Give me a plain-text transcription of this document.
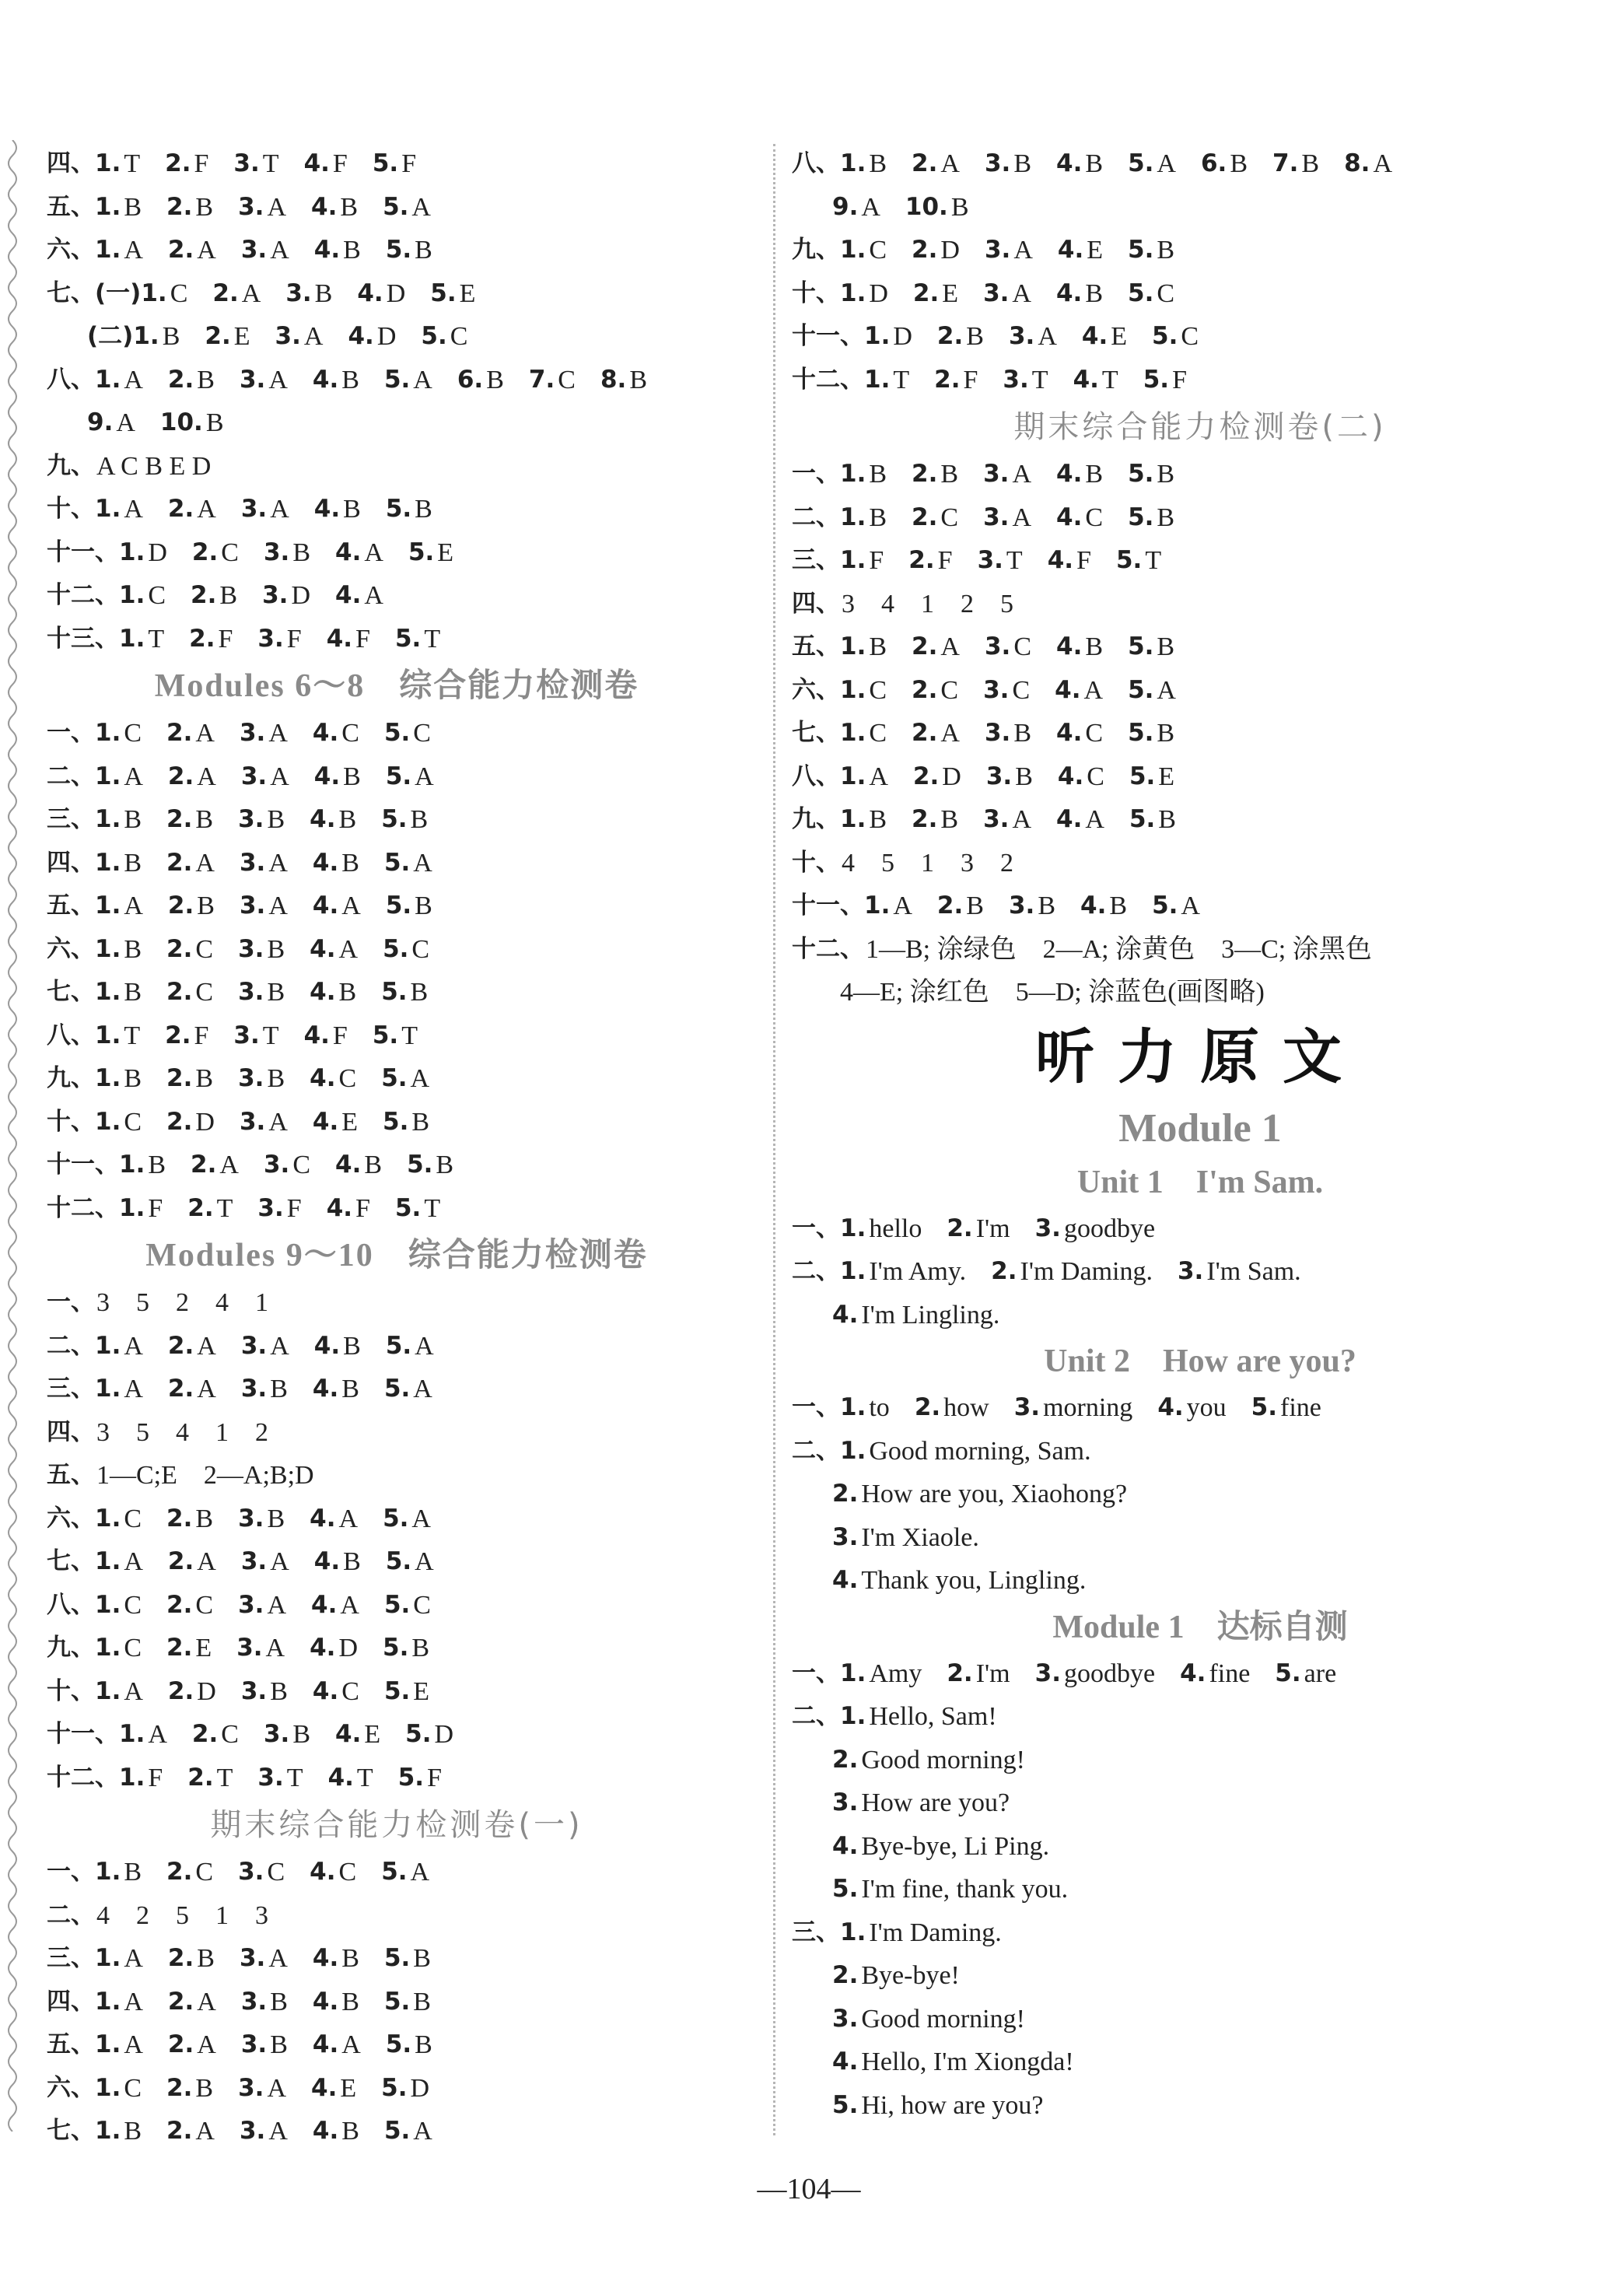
四、 1. T 2. F 3. T 4. F 5. F
五、 1. B 2. B 3. A 4. B 5. A
六、 1. A 2. A 3. A 4. B 5. B
七、(一) 1. C 2. A 3. B 4. D 5. E
(二) 1. B 2. E 3. A 4. D 5. C
八、 1. A 2. B 3. A 4. B 5. A 6. B 7. C 8. B
9. A 10. B
九、 A C B E D
十、 1. A 2. A 3. A 4. B 5. B
十一、 1. D 2. C 3. B 4. A 5. E
十二、 1. C 2. B 3. D 4. A
十三、 1. T 2. F 3. F 4. F 5. T
Modules 6～8　综合能力检测卷
一、 1. C 2. A 3. A 4. C 5. C
二、 1. A 2. A 3. A 4. B 5. A
三、 1. B 2. B 3. B 4. B 5. B
四、 1. B 2. A 3. A 4. B 5. A
五、 1. A 2. B 3. A 4. A 5. B
六、 1. B 2. C 3. B 4. A 5. C
七、 1. B 2. C 3. B 4. B 5. B
八、 1. T 2. F 3. T 4. F 5. T
九、 1. B 2. B 3. B 4. C 5. A
十、 1. C 2. D 3. A 4. E 5. B
十一、 1. B 2. A 3. C 4. B 5. B
十二、 1. F 2. T 3. F 4. F 5. T
Modules 9～10　综合能力检测卷
一、 3　5　2　4　1
二、 1. A 2. A 3. A 4. B 5. A
三、 1. A 2. A 3. B 4. B 5. A
四、 3　5　4　1　2
五、 1—C;E　2—A;B;D
六、 1. C 2. B 3. B 4. A 5. A
七、 1. A 2. A 3. A 4. B 5. A
八、 1. C 2. C 3. A 4. A 5. C
九、 1. C 2. E 3. A 4. D 5. B
十、 1. A 2. D 3. B 4. C 5. E
十一、 1. A 2. C 3. B 4. E 5. D
十二、 1. F 2. T 3. T 4. T 5. F
期末综合能力检测卷(一)
一、 1. B 2. C 3. C 4. C 5. A
二、 4　2　5　1　3
三、 1. A 2. B 3. A 4. B 5. B
四、 1. A 2. A 3. B 4. B 5. B
五、 1. A 2. A 3. B 4. A 5. B
六、 1. C 2. B 3. A 4. E 5. D
七、 1. B 2. A 3. A 4. B 5. A
八、 1. B 2. A 3. B 4. B 5. A 6. B 7. B 8. A
9. A 10. B
九、 1. C 2. D 3. A 4. E 5. B
十、 1. D 2. E 3. A 4. B 5. C
十一、 1. D 2. B 3. A 4. E 5. C
十二、 1. T 2. F 3. T 4. T 5. F
期末综合能力检测卷(二)
一、 1. B 2. B 3. A 4. B 5. B
二、 1. B 2. C 3. A 4. C 5. B
三、 1. F 2. F 3. T 4. F 5. T
四、 3　4　1　2　5
五、 1. B 2. A 3. C 4. B 5. B
六、 1. C 2. C 3. C 4. A 5. A
七、 1. C 2. A 3. B 4. C 5. B
八、 1. A 2. D 3. B 4. C 5. E
九、 1. B 2. B 3. A 4. A 5. B
十、 4　5　1　3　2
十一、 1. A 2. B 3. B 4. B 5. A
十二、 1—B; 涂绿色　2—A; 涂黄色　3—C; 涂黑色
4—E; 涂红色　5—D; 涂蓝色(画图略)
听力原文
Module 1
Unit 1　I'm Sam.
一、 1. hello 2. I'm 3. goodbye
二、 1. I'm Amy. 2. I'm Daming. 3. I'm Sam.
4. I'm Lingling.
Unit 2　How are you?
一、 1. to 2. how 3. morning 4. you 5. fine
二、 1. Good morning, Sam.
2. How are you, Xiaohong?
3. I'm Xiaole.
4. Thank you, Lingling.
Module 1　达标自测
一、 1. Amy 2. I'm 3. goodbye 4. fine 5. are
二、 1. Hello, Sam!
2. Good morning!
3. How are you?
4. Bye-bye, Li Ping.
5. I'm fine, thank you.
三、 1. I'm Daming.
2. Bye-bye!
3. Good morning!
4. Hello, I'm Xiongda!
5. Hi, how are you?
—104—
